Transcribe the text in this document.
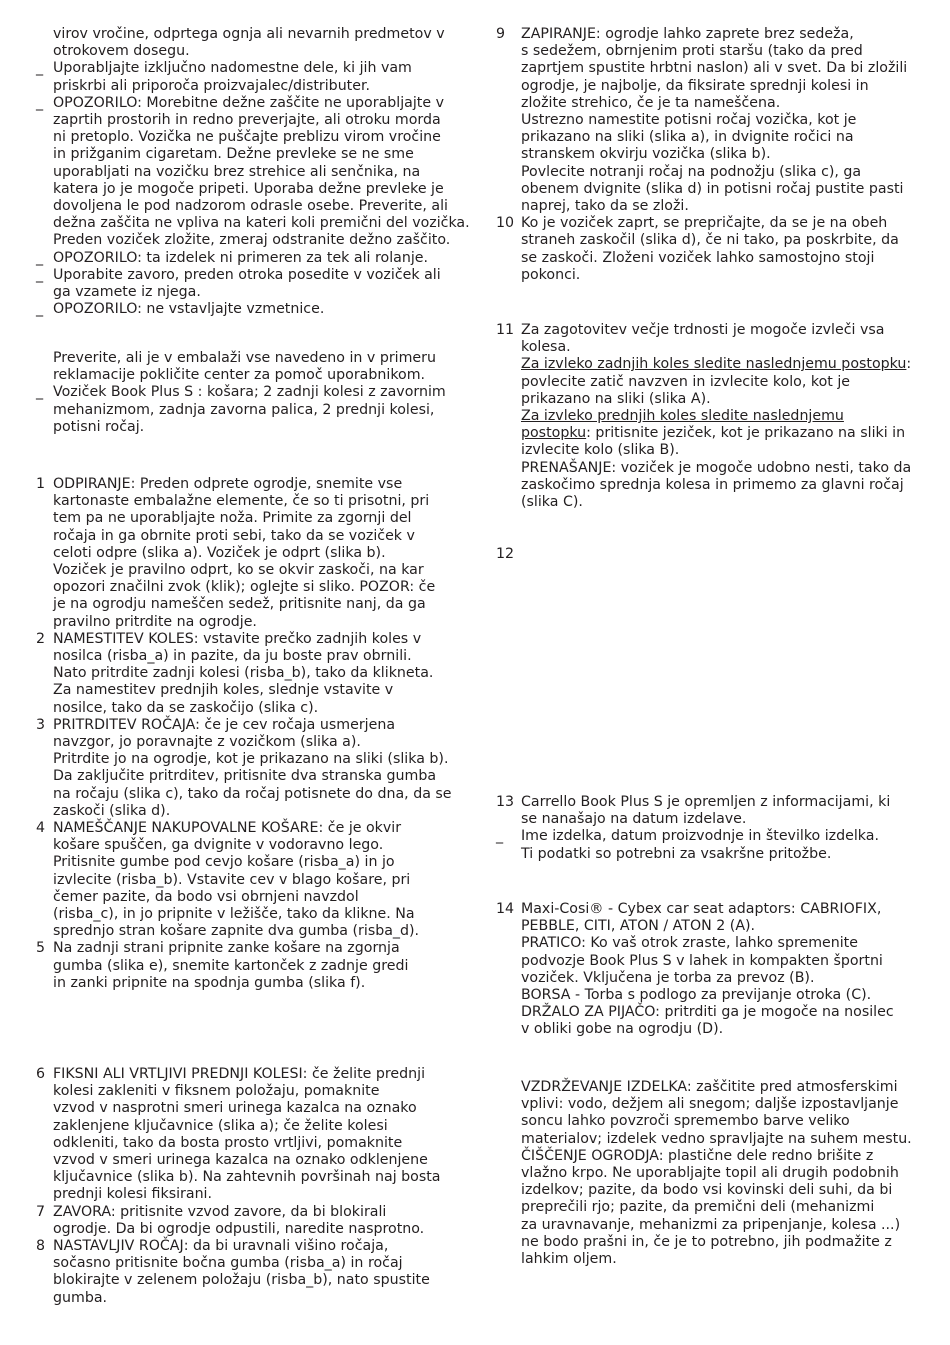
virov vročine, odprtega ognja ali nevarnih predmetov v
otrokovem dosegu.
_ Uporabljajte izključno nadomestne dele, ki jih vam
priskrbi ali priporoča proizvajalec/distributer.
_ OPOZORILO: Morebitne dežne zaščite ne uporabljajte v
zaprtih prostorih in redno preverjajte, ali otroku morda
ni pretoplo. Vozička ne puščajte preblizu virom vročine
in prižganim cigaretam. Dežne prevleke se ne sme
uporabljati na vozičku brez strehice ali senčnika, na
katera jo je mogoče pripeti. Uporaba dežne prevleke je
dovoljena le pod nadzorom odrasle osebe. Preverite, ali
dežna zaščita ne vpliva na kateri koli premični del vozička.
Preden voziček zložite, zmeraj odstranite dežno zaščito.
_ OPOZORILO: ta izdelek ni primeren za tek ali rolanje.
_ Uporabite zavoro, preden otroka posedite v voziček ali
ga vzamete iz njega.
_ OPOZORILO: ne vstavljajte vzmetnice.
Preverite, ali je v embalaži vse navedeno in v primeru
reklamacije pokličite center za pomoč uporabnikom.
_ Voziček Book Plus S : košara; 2 zadnji kolesi z zavornim
mehanizmom, zadnja zavorna palica, 2 prednji kolesi,
potisni ročaj.
1 ODPIRANJE: Preden odprete ogrodje, snemite vse
kartonaste embalažne elemente, če so ti prisotni, pri
tem pa ne uporabljajte noža. Primite za zgornji del
ročaja in ga obrnite proti sebi, tako da se voziček v
celoti odpre (slika a). Voziček je odprt (slika b).
Voziček je pravilno odprt, ko se okvir zaskoči, na kar
opozori značilni zvok (klik); oglejte si sliko. POZOR: če
je na ogrodju nameščen sedež, pritisnite nanj, da ga
pravilno pritrdite na ogrodje.
2 NAMESTITEV KOLES: vstavite prečko zadnjih koles v
nosilca (risba_a) in pazite, da ju boste prav obrnili.
Nato pritrdite zadnji kolesi (risba_b), tako da klikneta.
Za namestitev prednjih koles, slednje vstavite v
nosilce, tako da se zaskočijo (slika c).
3 PRITRDITEV ROČAJA: če je cev ročaja usmerjena
navzgor, jo poravnajte z vozičkom (slika a).
Pritrdite jo na ogrodje, kot je prikazano na sliki (slika b).
Da zaključite pritrditev, pritisnite dva stranska gumba
na ročaju (slika c), tako da ročaj potisnete do dna, da se
zaskoči (slika d).
4 NAMEŠČANJE NAKUPOVALNE KOŠARE: če je okvir
košare spuščen, ga dvignite v vodoravno lego.
Pritisnite gumbe pod cevjo košare (risba_a) in jo
izvlecite (risba_b). Vstavite cev v blago košare, pri
čemer pazite, da bodo vsi obrnjeni navzdol
(risba_c), in jo pripnite v ležišče, tako da klikne. Na
sprednjo stran košare zapnite dva gumba (risba_d).
5 Na zadnji strani pripnite zanke košare na zgornja
gumba (slika e), snemite kartonček z zadnje gredi
in zanki pripnite na spodnja gumba (slika f).
6 FIKSNI ALI VRTLJIVI PREDNJI KOLESI: če želite prednji
kolesi zakleniti v fiksnem položaju, pomaknite
vzvod v nasprotni smeri urinega kazalca na oznako
zaklenjene ključavnice (slika a); če želite kolesi
odkleniti, tako da bosta prosto vrtljivi, pomaknite
vzvod v smeri urinega kazalca na oznako odklenjene
ključavnice (slika b). Na zahtevnih površinah naj bosta
prednji kolesi fiksirani.
7 ZAVORA: pritisnite vzvod zavore, da bi blokirali
ogrodje. Da bi ogrodje odpustili, naredite nasprotno.
8 NASTAVLJIV ROČAJ: da bi uravnali višino ročaja,
sočasno pritisnite bočna gumba (risba_a) in ročaj
blokirajte v zelenem položaju (risba_b), nato spustite
gumba.
9 ZAPIRANJE: ogrodje lahko zaprete brez sedeža,
s sedežem, obrnjenim proti staršu (tako da pred
zaprtjem spustite hrbtni naslon) ali v svet. Da bi zložili
ogrodje, je najbolje, da fiksirate sprednji kolesi in
zložite strehico, če je ta nameščena.
Ustrezno namestite potisni ročaj vozička, kot je
prikazano na sliki (slika a), in dvignite ročici na
stranskem okvirju vozička (slika b).
Povlecite notranji ročaj na podnožju (slika c), ga
obenem dvignite (slika d) in potisni ročaj pustite pasti
naprej, tako da se zloži.
10 Ko je voziček zaprt, se prepričajte, da se je na obeh
straneh zaskočil (slika d), če ni tako, pa poskrbite, da
se zaskoči. Zloženi voziček lahko samostojno stoji
pokonci.
11 Za zagotovitev večje trdnosti je mogoče izvleči vsa
kolesa.
Za izvleko zadnjih koles sledite naslednjemu postopku:
povlecite zatič navzven in izvlecite kolo, kot je
prikazano na sliki (slika A).
Za izvleko prednjih koles sledite naslednjemu
postopku: pritisnite jeziček, kot je prikazano na sliki in
izvlecite kolo (slika B).
PRENAŠANJE: voziček je mogoče udobno nesti, tako da
zaskočimo sprednja kolesa in primemo za glavni ročaj
(slika C).
12
13 Carrello Book Plus S je opremljen z informacijami, ki
se nanašajo na datum izdelave.
_ Ime izdelka, datum proizvodnje in številko izdelka.
Ti podatki so potrebni za vsakršne pritožbe.
14 Maxi-Cosi® - Cybex car seat adaptors: CABRIOFIX,
PEBBLE, CITI, ATON / ATON 2 (A).
PRATICO: Ko vaš otrok zraste, lahko spremenite
podvozje Book Plus S v lahek in kompakten športni
voziček. Vključena je torba za prevoz (B).
BORSA - Torba s podlogo za previjanje otroka (C).
DRŽALO ZA PIJAČO: pritrditi ga je mogoče na nosilec
v obliki gobe na ogrodju (D).
VZDRŽEVANJE IZDELKA: zaščitite pred atmosferskimi
vplivi: vodo, dežjem ali snegom; daljše izpostavljanje
soncu lahko povzroči spremembo barve veliko
materialov; izdelek vedno spravljajte na suhem mestu.
ČIŠČENJE OGRODJA: plastične dele redno brišite z
vlažno krpo. Ne uporabljajte topil ali drugih podobnih
izdelkov; pazite, da bodo vsi kovinski deli suhi, da bi
preprečili rjo; pazite, da premični deli (mehanizmi
za uravnavanje, mehanizmi za pripenjanje, kolesa ...)
ne bodo prašni in, če je to potrebno, jih podmažite z
lahkim oljem.
